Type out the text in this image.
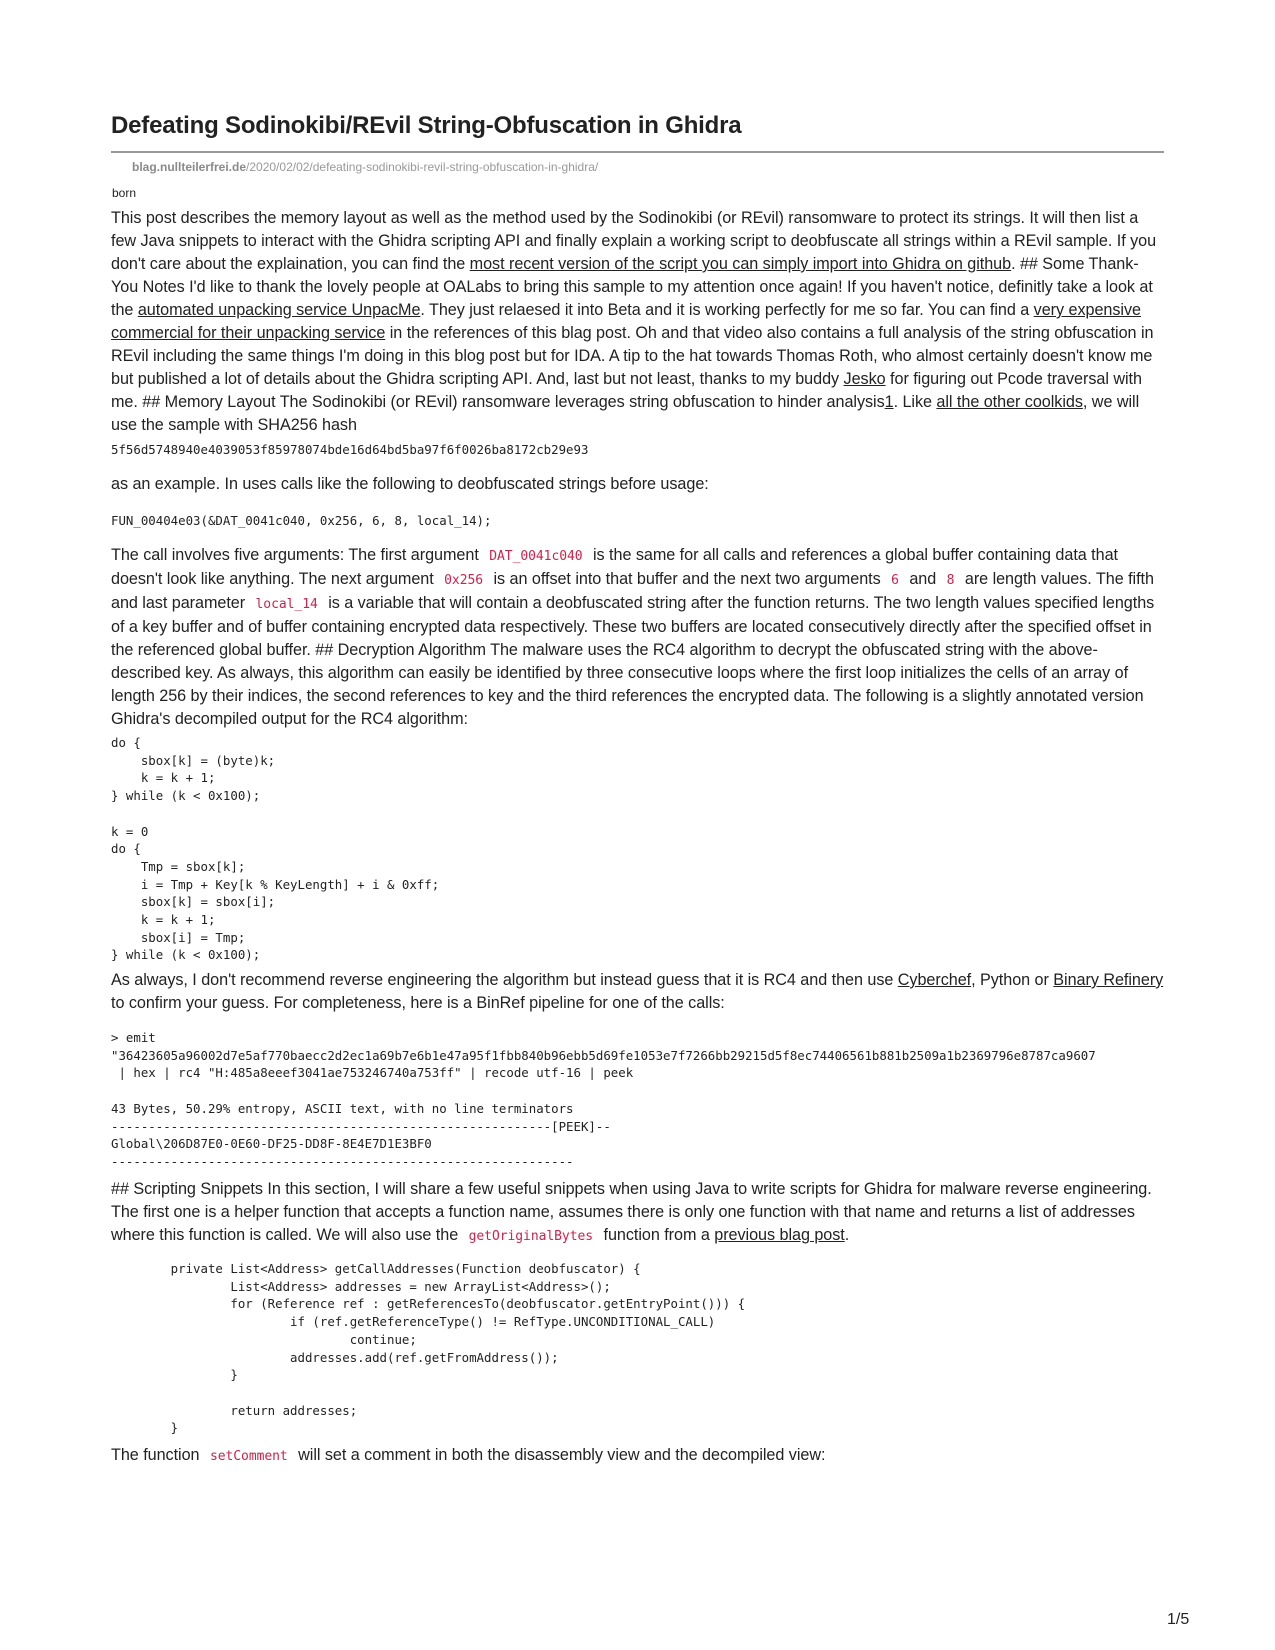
Defeating Sodinokibi/REvil String-Obfuscation in Ghidra
blag.nullteilerfrei.de/2020/02/02/defeating-sodinokibi-revil-string-obfuscation-in-ghidra/
born

This post describes the memory layout as well as the method used by the Sodinokibi (or REvil) ransomware to protect its strings. It will then list a few Java snippets to interact with the Ghidra scripting API and finally explain a working script to deobfuscate all strings within a REvil sample. If you don't care about the explaination, you can find the most recent version of the script you can simply import into Ghidra on github. ## Some Thank-You Notes I'd like to thank the lovely people at OALabs to bring this sample to my attention once again! If you haven't notice, definitly take a look at the automated unpacking service UnpacMe. They just relaesed it into Beta and it is working perfectly for me so far. You can find a very expensive commercial for their unpacking service in the references of this blag post. Oh and that video also contains a full analysis of the string obfuscation in REvil including the same things I'm doing in this blog post but for IDA. A tip to the hat towards Thomas Roth, who almost certainly doesn't know me but published a lot of details about the Ghidra scripting API. And, last but not least, thanks to my buddy Jesko for figuring out Pcode traversal with me. ## Memory Layout The Sodinokibi (or REvil) ransomware leverages string obfuscation to hinder analysis1. Like all the other coolkids, we will use the sample with SHA256 hash

5f56d5748940e4039053f85978074bde16d64bd5ba97f6f0026ba8172cb29e93

as an example. In uses calls like the following to deobfuscated strings before usage:

FUN_00404e03(&DAT_0041c040, 0x256, 6, 8, local_14);

The call involves five arguments: The first argument DAT_0041c040 is the same for all calls and references a global buffer containing data that doesn't look like anything. The next argument 0x256 is an offset into that buffer and the next two arguments 6 and 8 are length values. The fifth and last parameter local_14 is a variable that will contain a deobfuscated string after the function returns. The two length values specified lengths of a key buffer and of buffer containing encrypted data respectively. These two buffers are located consecutively directly after the specified offset in the referenced global buffer. ## Decryption Algorithm The malware uses the RC4 algorithm to decrypt the obfuscated string with the above-described key. As always, this algorithm can easily be identified by three consecutive loops where the first loop initializes the cells of an array of length 256 by their indices, the second references to key and the third references the encrypted data. The following is a slightly annotated version Ghidra's decompiled output for the RC4 algorithm:

do {
sbox[k] = (byte)k;
k = k + 1;
} while (k < 0x100);

k = 0
do {
Tmp = sbox[k];
i = Tmp + Key[k % KeyLength] + i & 0xff;
sbox[k] = sbox[i];
k = k + 1;
sbox[i] = Tmp;
} while (k < 0x100);

As always, I don't recommend reverse engineering the algorithm but instead guess that it is RC4 and then use Cyberchef, Python or Binary Refinery to confirm your guess. For completeness, here is a BinRef pipeline for one of the calls:

> emit
"36423605a96002d7e5af770baecc2d2ec1a69b7e6b1e47a95f1fbb840b96ebb5d69fe1053e7f7266bb29215d5f8ec74406561b881b2509a1b2369796e8787ca9607
| hex | rc4 "H:485a8eeef3041ae753246740a753ff" | recode utf-16 | peek

43 Bytes, 50.29% entropy, ASCII text, with no line terminators
-----------------------------------------------------------[PEEK]--
Global\206D87E0-0E60-DF25-DD8F-8E4E7D1E3BF0
--------------------------------------------------------------

## Scripting Snippets In this section, I will share a few useful snippets when using Java to write scripts for Ghidra for malware reverse engineering. The first one is a helper function that accepts a function name, assumes there is only one function with that name and returns a list of addresses where this function is called. We will also use the getOriginalBytes function from a previous blag post.

private List<Address> getCallAddresses(Function deobfuscator) {
List<Address> addresses = new ArrayList<Address>();
for (Reference ref : getReferencesTo(deobfuscator.getEntryPoint())) {
if (ref.getReferenceType() != RefType.UNCONDITIONAL_CALL)
continue;
addresses.add(ref.getFromAddress());
}

return addresses;
}

The function setComment will set a comment in both the disassembly view and the decompiled view:

1/5
